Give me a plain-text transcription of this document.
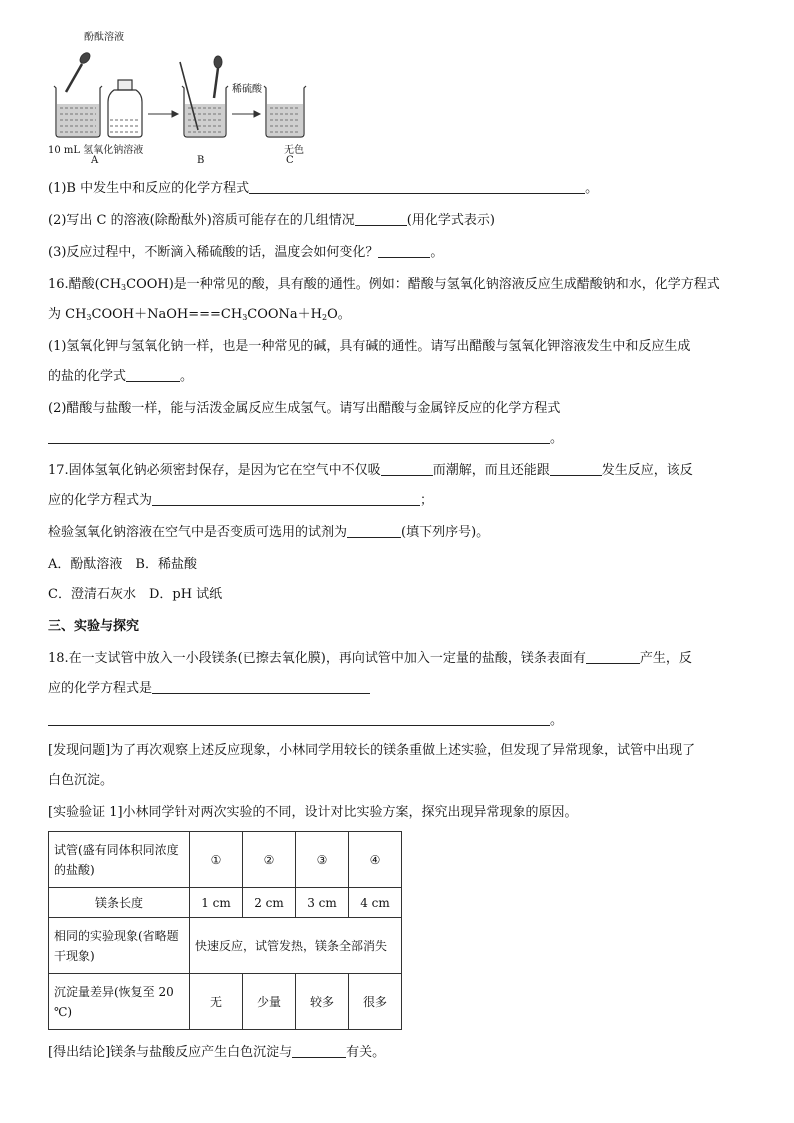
酚酞溶液
稀硫酸
10 mL 氢氧化钠溶液	无色
A	B	C
(1)B 中发生中和反应的化学方程式	。
(2)写出 C 的溶液(除酚酞外)溶质可能存在的几组情况	(用化学式表示)
(3)反应过程中，不断滴入稀硫酸的话，温度会如何变化？	。
16.醋酸$(CH_3COOH)$是一种常见的酸，具有酸的通性。例如：醋酸与氢氧化钠溶液反应生成醋酸钠和水，化学方程式
为 $CH_3COOH+NaOH===CH_3COONa+H_2O$。
(1)氢氧化钾与氢氧化钠一样，也是一种常见的碱，具有碱的通性。请写出醋酸与氢氧化钾溶液发生中和反应生成
的盐的化学式	。
(2)醋酸与盐酸一样，能与活泼金属反应生成氢气。请写出醋酸与金属锌反应的化学方程式
。
17.固体氢氧化钠必须密封保存，是因为它在空气中不仅吸	而潮解，而且还能跟	发生反应，该反
应的化学方程式为	；
检验氢氧化钠溶液在空气中是否变质可选用的试剂为	(填下列序号)。
A．酚酞溶液　B．稀盐酸
C．澄清石灰水　D．pH 试纸
三、实验与探究
18.在一支试管中放入一小段镁条(已擦去氧化膜)，再向试管中加入一定量的盐酸，镁条表面有	产生，反
应的化学方程式是
。
[发现问题]为了再次观察上述反应现象，小林同学用较长的镁条重做上述实验，但发现了异常现象，试管中出现了
白色沉淀。
[实验验证 1]小林同学针对两次实验的不同，设计对比实验方案，探究出现异常现象的原因。
试管(盛有同体积同浓度的盐酸)	①	②	③	④
镁条长度	1 cm	2 cm	3 cm	4 cm
相同的实验现象(省略题干现象)	快速反应，试管发热，镁条全部消失			
沉淀量差异(恢复至 20 ℃)	无	少量	较多	很多
[得出结论]镁条与盐酸反应产生白色沉淀与	有关。
